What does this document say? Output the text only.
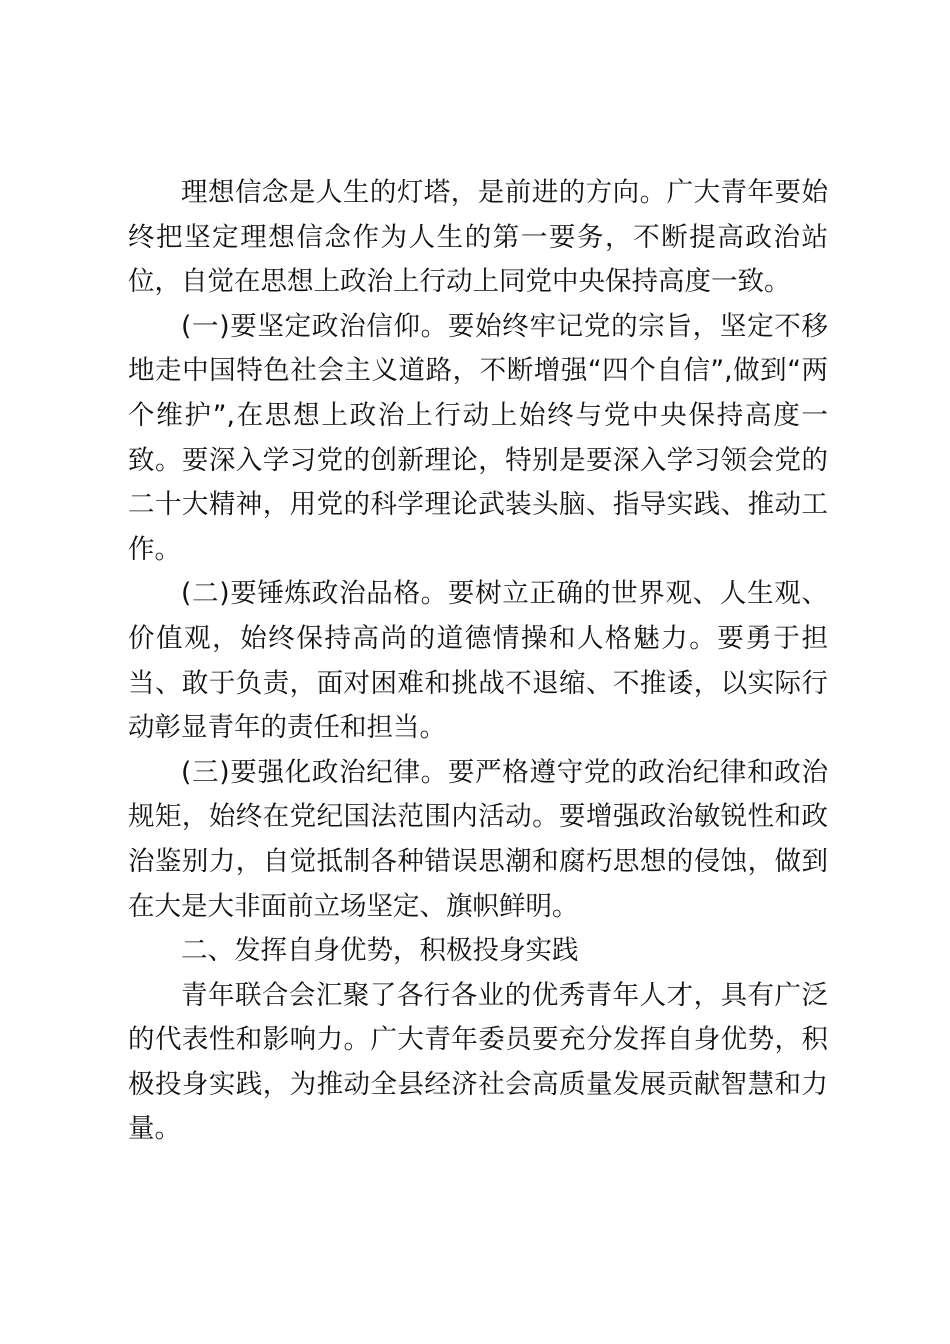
理想信念是人生的灯塔，是前进的方向。广大青年要始终把坚定理想信念作为人生的第一要务，不断提高政治站位，自觉在思想上政治上行动上同党中央保持高度一致。

(一)要坚定政治信仰。要始终牢记党的宗旨，坚定不移地走中国特色社会主义道路，不断增强“四个自信”,做到“两个维护”,在思想上政治上行动上始终与党中央保持高度一致。要深入学习党的创新理论，特别是要深入学习领会党的二十大精神，用党的科学理论武装头脑、指导实践、推动工作。

(二)要锤炼政治品格。要树立正确的世界观、人生观、价值观，始终保持高尚的道德情操和人格魅力。要勇于担当、敢于负责，面对困难和挑战不退缩、不推诿，以实际行动彰显青年的责任和担当。

(三)要强化政治纪律。要严格遵守党的政治纪律和政治规矩，始终在党纪国法范围内活动。要增强政治敏锐性和政治鉴别力，自觉抵制各种错误思潮和腐朽思想的侵蚀，做到在大是大非面前立场坚定、旗帜鲜明。

二、发挥自身优势，积极投身实践

青年联合会汇聚了各行各业的优秀青年人才，具有广泛的代表性和影响力。广大青年委员要充分发挥自身优势，积极投身实践，为推动全县经济社会高质量发展贡献智慧和力量。
